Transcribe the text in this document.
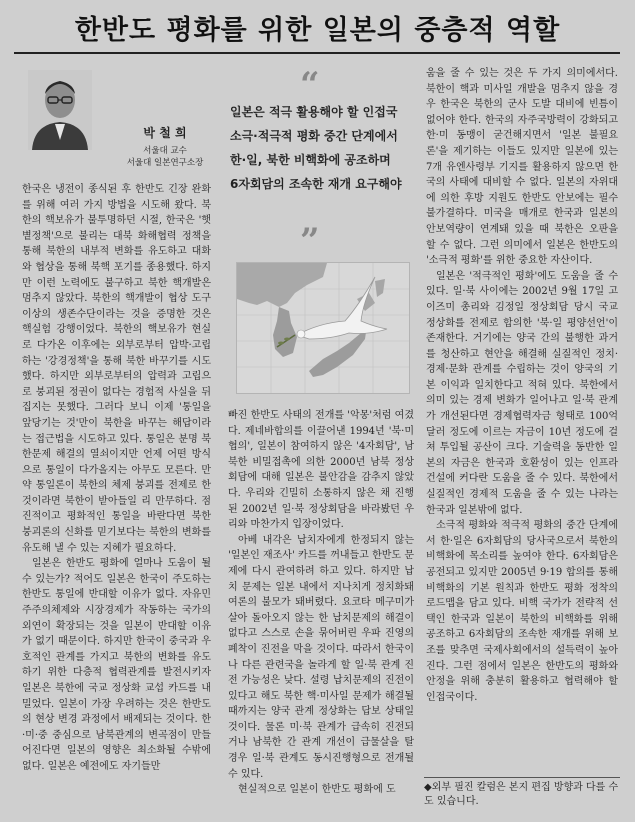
한반도 평화를 위한 일본의 중층적 역할
박 철 희
서울대 교수
서울대 일본연구소장
“
일본은 적극 활용해야 할 인접국
소극·적극적 평화 중간 단계에서
한·일, 북한 비핵화에 공조하며
6자회담의 조속한 재개 요구해야
”

한국은 냉전이 종식된 후 한반도 긴장 완화를 위해 여러 가지 방법을 시도해 왔다. 북한의 핵보유가 불투명하던 시절, 한국은 '햇볕정책'으로 불리는 대북 화해협력 정책을 통해 북한의 내부적 변화를 유도하고 대화와 협상을 통해 북핵 포기를 종용했다. 하지만 이런 노력에도 불구하고 북한 핵개발은 멈추지 않았다. 북한의 핵개발이 협상 도구 이상의 생존수단이라는 것을 증명한 것은 핵실험 강행이었다. 북한의 핵보유가 현실로 다가온 이후에는 외부로부터 압박·고립하는 '강경정책'을 통해 북한 바꾸기를 시도했다. 하지만 외부로부터의 압력과 고립으로 붕괴된 정권이 없다는 경험적 사실을 뒤집지는 못했다. 그러다 보니 이제 '통일을 앞당기는 것'만이 북한을 바꾸는 해답이라는 접근법을 시도하고 있다. 통일은 분명 북한문제 해결의 열쇠이지만 언제 어떤 방식으로 통일이 다가올지는 아무도 모른다. 만약 통일론이 북한의 체제 붕괴를 전제로 한 것이라면 북한이 받아들일 리 만무하다. 점진적이고 평화적인 통일을 바란다면 북한 붕괴론의 신화를 믿기보다는 북한의 변화를 유도해 낼 수 있는 지혜가 필요하다.

일본은 한반도 평화에 얼마나 도움이 될 수 있는가? 적어도 일본은 한국이 주도하는 한반도 통일에 반대할 이유가 없다. 자유민주주의체제와 시장경제가 작동하는 국가의 외연이 확장되는 것을 일본이 반대할 이유가 없기 때문이다. 하지만 한국이 중국과 우호적인 관계를 가지고 북한의 변화를 유도하기 위한 다층적 협력관계를 발전시키자 일본은 북한에 국교 정상화 교섭 카드를 내밀었다. 일본이 가장 우려하는 것은 한반도의 현상 변경 과정에서 배제되는 것이다. 한·미·중 중심으로 남북관계의 변곡점이 만들어진다면 일본의 영향은 최소화될 수밖에 없다. 일본은 예전에도 자기들만

빠진 한반도 사태의 전개를 '악몽'처럼 여겼다. 제네바합의를 이끌어낸 1994년 '북·미 협의', 일본이 참여하지 않은 '4자회담', 남북한 비밀접촉에 의한 2000년 남북 정상회담에 대해 일본은 불안감을 감추지 않았다. 우리와 긴밀히 소통하지 않은 채 진행된 2002년 일·북 정상회담을 바라봤던 우리와 마찬가지 입장이었다.

아베 내각은 납치자에게 한정되지 않는 '일본인 재조사' 카드를 꺼내들고 한반도 문제에 다시 관여하려 하고 있다. 하지만 납치 문제는 일본 내에서 지나치게 정치화돼 여론의 불모가 돼버렸다. 요코타 메구미가 살아 돌아오지 않는 한 납치문제의 해결이 없다고 스스로 손을 묶어버린 우파 진영의 폐착이 진전을 막을 것이다. 따라서 한국이나 다른 관련국을 놀라게 할 일·북 관계 진전 가능성은 낮다. 설령 납치문제의 진전이 있다고 해도 북한 핵·미사일 문제가 해결될 때까지는 양국 관계 정상화는 답보 상태일 것이다. 물론 미·북 관계가 급속히 진전되거나 남북한 간 관계 개선이 급물살을 탈 경우 일·북 관계도 동시진행형으로 전개될 수 있다.

현실적으로 일본이 한반도 평화에 도

움을 줄 수 있는 것은 두 가지 의미에서다. 북한이 핵과 미사일 개발을 멈추지 않을 경우 한국은 북한의 군사 도발 대비에 빈틈이 없어야 한다. 한국의 자주국방력이 강화되고 한·미 동맹이 굳건해지면서 '일본 불필요론'을 제기하는 이들도 있지만 일본에 있는 7개 유엔사령부 기지를 활용하지 않으면 한국의 사태에 대비할 수 없다. 일본의 자위대에 의한 후방 지원도 한반도 안보에는 필수불가결하다. 미국을 매개로 한국과 일본의 안보역량이 연계돼 있을 때 북한은 오판을 할 수 없다. 그런 의미에서 일본은 한반도의 '소극적 평화'를 위한 중요한 자산이다.

일본은 '적극적인 평화'에도 도움을 줄 수 있다. 일·북 사이에는 2002년 9월 17일 고이즈미 총리와 김정일 정상회담 당시 국교 정상화를 전제로 합의한 '북·일 평양선언'이 존재한다. 거기에는 양국 간의 불행한 과거를 청산하고 현안을 해결해 실질적인 정치·경제·문화 관계를 수립하는 것이 양국의 기본 이익과 일치한다고 적혀 있다. 북한에서 의미 있는 경제 변화가 일어나고 일·북 관계가 개선된다면 경제협력자금 형태로 100억 달러 정도에 이르는 자금이 10년 정도에 걸쳐 투입될 공산이 크다. 기술력을 동반한 일본의 자금은 한국과 호환성이 있는 인프라 건설에 커다란 도움을 줄 수 있다. 북한에서 실질적인 경제적 도움을 줄 수 있는 나라는 한국과 일본밖에 없다.

소극적 평화와 적극적 평화의 중간 단계에서 한·일은 6자회담의 당사국으로서 북한의 비핵화에 목소리를 높여야 한다. 6자회담은 공전되고 있지만 2005년 9·19 합의를 통해 비핵화의 기본 원칙과 한반도 평화 정착의 로드맵을 담고 있다. 비핵 국가가 전략적 선택인 한국과 일본이 북한의 비핵화를 위해 공조하고 6자회담의 조속한 재개를 위해 보조를 맞추면 국제사회에서의 설득력이 높아진다. 그런 점에서 일본은 한반도의 평화와 안정을 위해 충분히 활용하고 협력해야 할 인접국이다.

◆외부 필진 칼럼은 본지 편집 방향과 다를 수도 있습니다.
